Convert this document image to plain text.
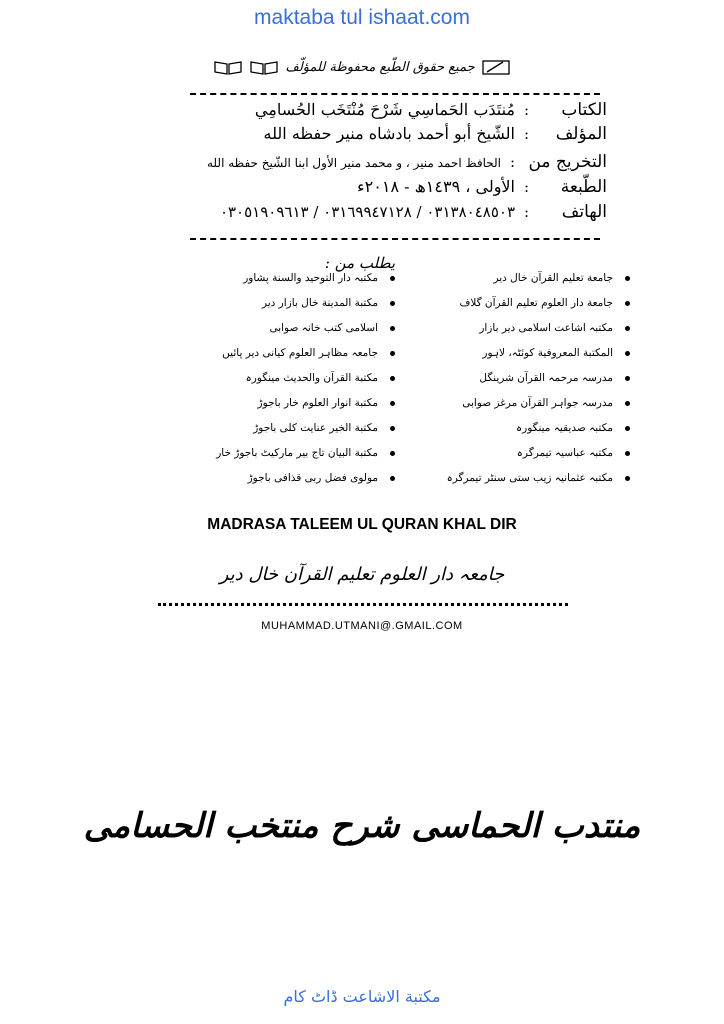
maktaba tul ishaat.com
جميع حقوق الطّبع محفوظة للمؤلّف
الكتاب
:
مُنتَدَب الحَماسِي شَرْحَ مُنْتَخَب الحُسامِي
المؤلف
:
الشّيخ أبو أحمد بادشاه منير حفظه الله
التخريج من
:
الحافظ احمد منير ، و محمد منير الأول ابنا الشّيخ حفظه الله
الطّبعة
:
الأولى ، ١٤٣٩ھ - ٢٠١٨ء
الهاتف
:
٠٣١٣٨٠٤٨٥٠٣ / ٠٣١٦٩٩٤٧١٢٨ / ٠٣٠٥١٩٠٩٦١٣
يطلب من :
جامعة تعلیم القرآن خال دیر
جامعة دار العلوم تعلیم القرآن گلاف
مکتبہ اشاعت اسلامی دیر بازار
المکتبة المعروفیة کوئٹہ، لاہور
مدرسہ مرحمہ القرآن شرینگل
مدرسہ جواہر القرآن مرغز صوابی
مکتبہ صدیقیہ مینگورہ
مکتبہ عباسیہ تیمرگرہ
مکتبہ عثمانیہ زیب ستی سنٹر تیمرگرہ
مکتبہ دار التوحید والسنة پشاور
مکتبة المدینة خال بازار دیر
اسلامی کتب خانہ صوابی
جامعہ مظاہر العلوم کیانی دیر پائیں
مکتبة القرآن والحدیث مینگورہ
مکتبة انوار العلوم خار باجوڑ
مکتبة الخیر عنایت کلی باجوڑ
مکتبة البیان تاج بیر مارکیٹ باجوڑ خار
مولوی فضل ربی قذافی باجوڑ
MADRASA TALEEM UL QURAN KHAL DIR
جامعہ دار العلوم تعلیم القرآن خال دیر
MUHAMMAD.UTMANI@.GMAIL.COM
منتدب الحماسی شرح منتخب الحسامی
مكتبة الاشاعت ڈاٹ کام
